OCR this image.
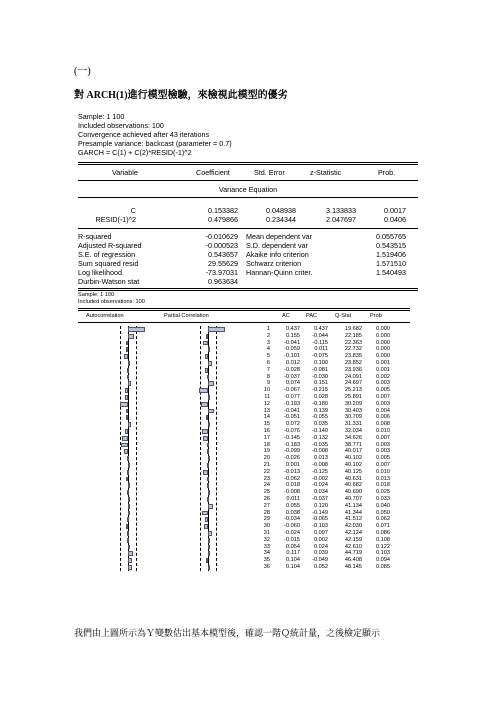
(一)
對 ARCH(1)進行模型檢驗，來檢視此模型的優劣
Sample: 1 100
Included observations: 100
Convergence achieved after 43 iterations
Presample variance: backcast (parameter = 0.7)
GARCH = C(1) + C(2)*RESID(-1)^2
Variable	Coefficient	Std. Error	z-Statistic	Prob.
Variance Equation
C	0.153382	0.048938	3.133833	0.0017
RESID(-1)^2	0.479866	0.234344	2.047697	0.0406
R-squared	-0.010629 Mean dependent var	0.055765
Adjusted R-squared	-0.000523 S.D. dependent var	0.543515
S.E. of regression	0.543657 Akaike info criterion	1.519406
Sum squared resid	29.55629 Schwarz criterion	1.571510
Log likelihood	-73.97031 Hannan-Quinn criter.	1.540493
Durbin-Watson stat	0.963634
Sample: 1 100
Included observations: 100
Autocorrelation	Partial Correlation	AC	PAC	Q-Stat	Prob
1	0.437	0.437	19.682	0.000
2	0.155	-0.044	22.185	0.000
3	-0.041	-0.115	22.363	0.000
4	-0.059	0.011	22.732	0.000
5	-0.101	-0.075	23.835	0.000
6	0.012	0.100	23.852	0.001
7	-0.028	-0.081	23.936	0.001
8	-0.037	-0.030	24.091	0.002
9	0.074	0.151	24.697	0.003
10	-0.067	-0.215	25.213	0.005
11	-0.077	0.028	25.891	0.007
12	-0.193	-0.180	30.209	0.003
13	-0.041	0.139	30.403	0.004
14	-0.051	-0.055	30.709	0.006
15	0.072	0.035	31.331	0.008
16	-0.076	-0.140	32.034	0.010
17	-0.145	-0.132	34.626	0.007
18	-0.183	-0.035	38.771	0.003
19	-0.099	-0.008	40.017	0.003
20	-0.026	0.013	40.102	0.005
21	0.001	-0.008	40.102	0.007
22	-0.013	-0.125	40.125	0.010
23	-0.062	-0.002	40.631	0.013
24	0.018	-0.024	40.682	0.018
25	-0.008	0.034	40.690	0.025
26	0.011	-0.037	40.707	0.033
27	0.055	0.120	41.134	0.040
28	0.038	-0.149	41.344	0.050
29	-0.034	-0.065	41.512	0.062
30	-0.060	-0.103	42.030	0.071
31	-0.024	0.097	42.124	0.086
32	-0.015	0.002	42.159	0.108
33	0.054	0.024	42.610	0.122
34	0.117	0.039	44.719	0.103
35	0.104	-0.049	46.408	0.094
36	0.104	0.052	48.145	0.085
我們由上圖所示為Ｙ變數估出基本模型後，確認一階Ｑ統計量，之後檢定顯示
